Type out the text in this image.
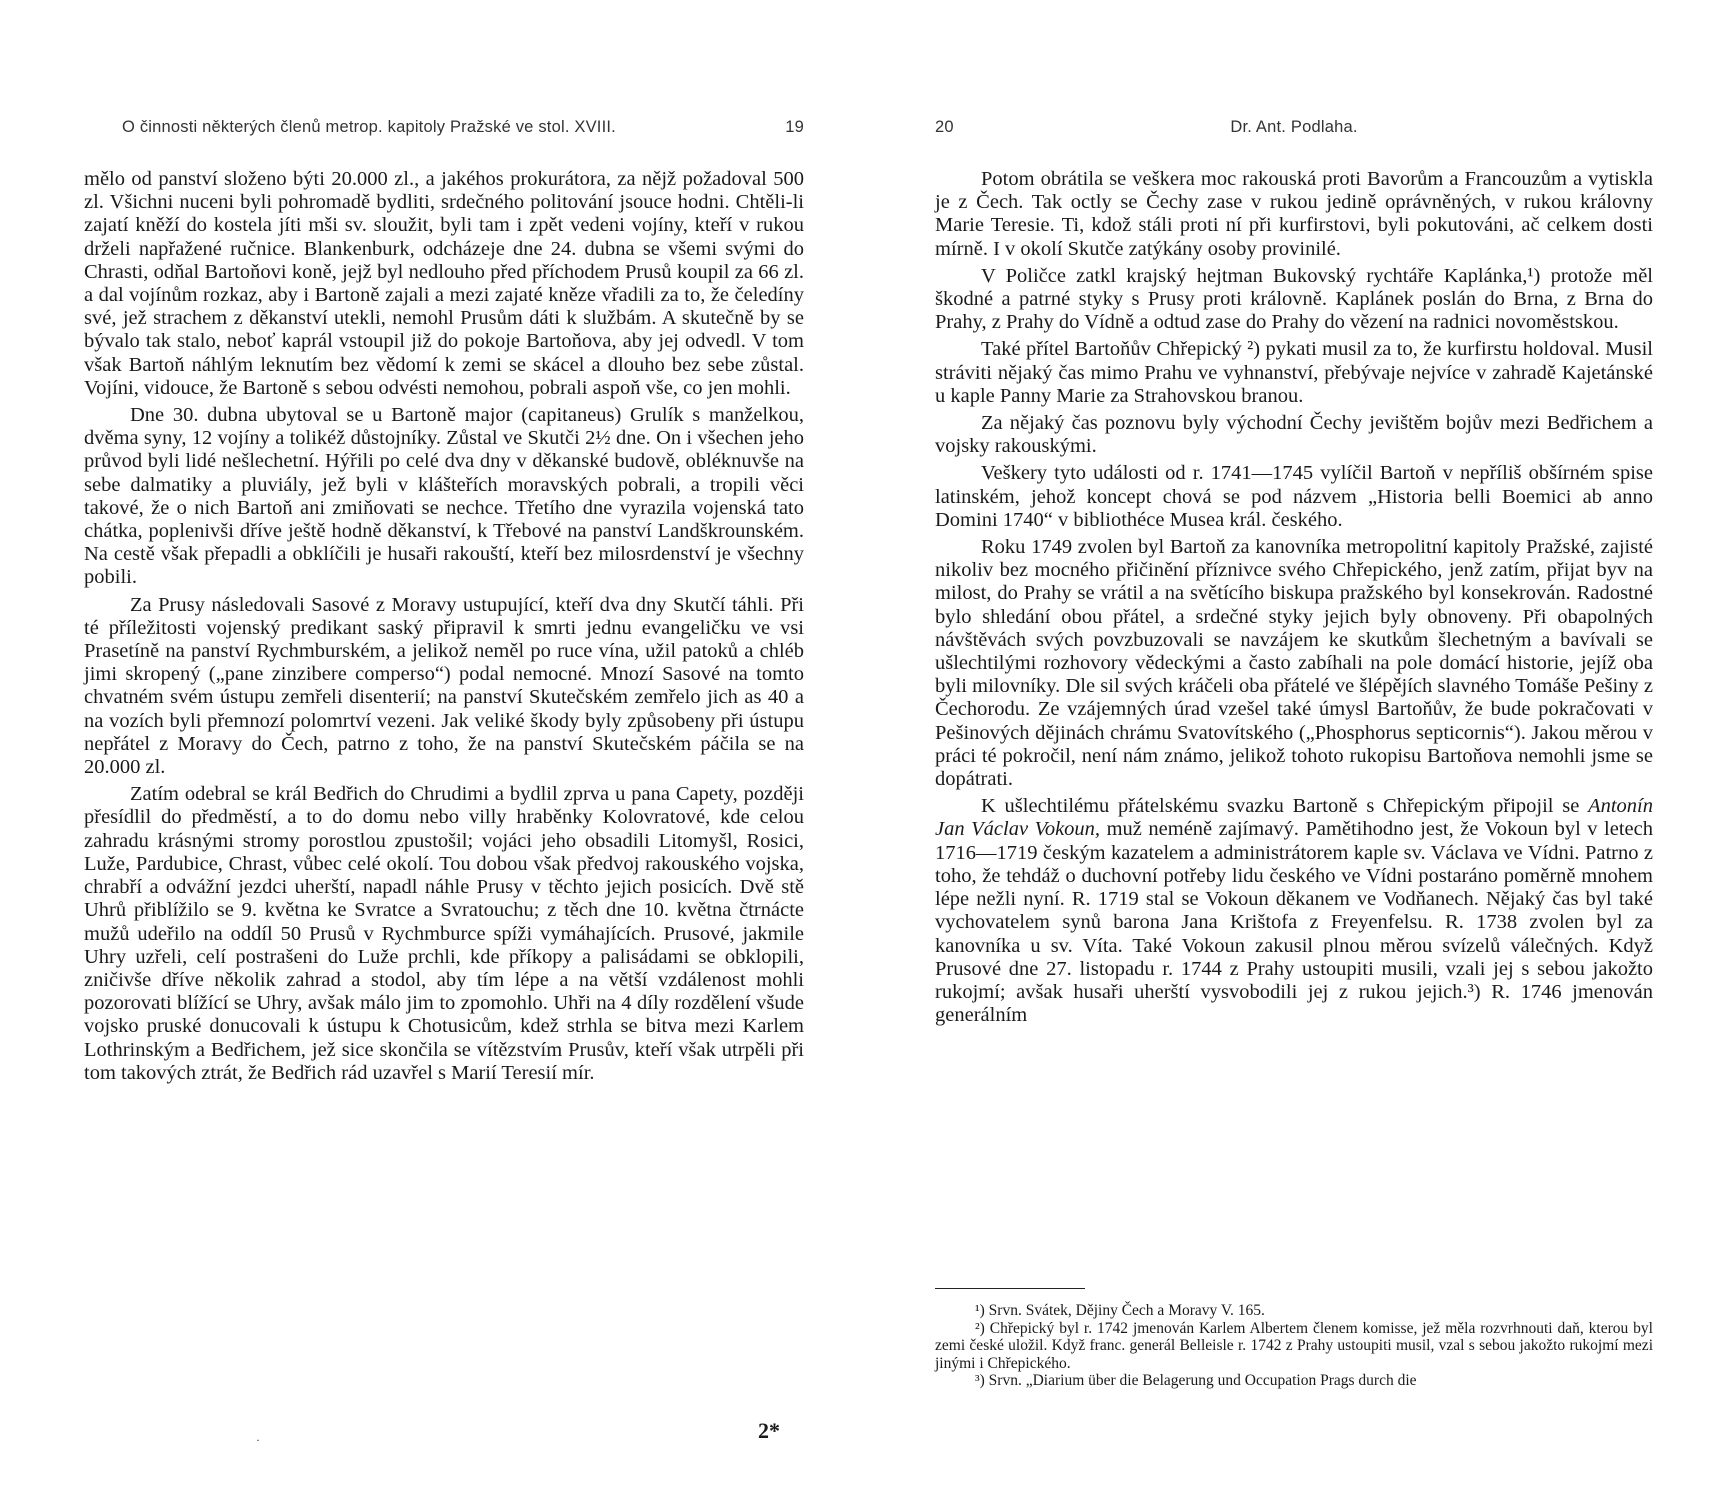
O činnosti některých členů metrop. kapitoly Pražské ve stol. XVIII.	19

mělo od panství složeno býti 20.000 zl., a jakéhos prokurátora, za nějž požadoval 500 zl. Všichni nuceni byli pohromadě bydliti, srdečného politování jsouce hodni. Chtěli-li zajatí kněží do kostela jíti mši sv. sloužit, byli tam i zpět vedeni vojíny, kteří v rukou drželi napřažené ručnice. Blankenburk, odcházeje dne 24. dubna se všemi svými do Chrasti, odňal Bartoňovi koně, jejž byl nedlouho před příchodem Prusů koupil za 66 zl. a dal vojínům rozkaz, aby i Bartoně zajali a mezi zajaté kněze vřadili za to, že čeledíny své, jež strachem z děkanství utekli, nemohl Prusům dáti k službám. A skutečně by se bývalo tak stalo, neboť kaprál vstoupil již do pokoje Bartoňova, aby jej odvedl. V tom však Bartoň náhlým leknutím bez vědomí k zemi se skácel a dlouho bez sebe zůstal. Vojíni, vidouce, že Bartoně s sebou odvésti nemohou, pobrali aspoň vše, co jen mohli.

Dne 30. dubna ubytoval se u Bartoně major (capitaneus) Grulík s manželkou, dvěma syny, 12 vojíny a tolikéž důstojníky. Zůstal ve Skutči 2½ dne. On i všechen jeho průvod byli lidé nešlechetní. Hýřili po celé dva dny v děkanské budově, obléknuvše na sebe dalmatiky a pluviály, jež byli v klášteřích moravských pobrali, a tropili věci takové, že o nich Bartoň ani zmiňovati se nechce. Třetího dne vyrazila vojenská tato chátka, poplenivši dříve ještě hodně děkanství, k Třebové na panství Landškrounském. Na cestě však přepadli a obklíčili je husaři rakouští, kteří bez milosrdenství je všechny pobili.

Za Prusy následovali Sasové z Moravy ustupující, kteří dva dny Skutčí táhli. Při té příležitosti vojenský predikant saský připravil k smrti jednu evangeličku ve vsi Prasetíně na panství Rychmburském, a jelikož neměl po ruce vína, užil patoků a chléb jimi skropený („pane zinzibere comperso“) podal nemocné. Mnozí Sasové na tomto chvatném svém ústupu zemřeli disenterií; na panství Skutečském zemřelo jich as 40 a na vozích byli přemnozí polomrtví vezeni. Jak veliké škody byly způsobeny při ústupu nepřátel z Moravy do Čech, patrno z toho, že na panství Skutečském páčila se na 20.000 zl.

Zatím odebral se král Bedřich do Chrudimi a bydlil zprva u pana Capety, později přesídlil do předměstí, a to do domu nebo villy hraběnky Kolovratové, kde celou zahradu krásnými stromy porostlou zpustošil; vojáci jeho obsadili Litomyšl, Rosici, Luže, Pardubice, Chrast, vůbec celé okolí. Tou dobou však předvoj rakouského vojska, chrabří a odvážní jezdci uherští, napadl náhle Prusy v těchto jejich posicích. Dvě stě Uhrů přiblížilo se 9. května ke Svratce a Svratouchu; z těch dne 10. května čtrnácte mužů udeřilo na oddíl 50 Prusů v Rychmburce spíži vymáhajících. Prusové, jakmile Uhry uzřeli, celí postrašeni do Luže prchli, kde příkopy a palisádami se obklopili, zničivše dříve několik zahrad a stodol, aby tím lépe a na větší vzdálenost mohli pozorovati blížící se Uhry, avšak málo jim to zpomohlo. Uhři na 4 díly rozdělení všude vojsko pruské donucovali k ústupu k Chotusicům, kdež strhla se bitva mezi Karlem Lothrinským a Bedřichem, jež sice skončila se vítězstvím Prusův, kteří však utrpěli při tom takových ztrát, že Bedřich rád uzavřel s Marií Teresií mír.

2*
·
20	Dr. Ant. Podlaha.

Potom obrátila se veškera moc rakouská proti Bavorům a Francouzům a vytiskla je z Čech. Tak octly se Čechy zase v rukou jedině oprávněných, v rukou královny Marie Teresie. Ti, kdož stáli proti ní při kurfirstovi, byli pokutováni, ač celkem dosti mírně. I v okolí Skutče zatýkány osoby provinilé.

V Poličce zatkl krajský hejtman Bukovský rychtáře Kaplánka,¹) protože měl škodné a patrné styky s Prusy proti královně. Kaplánek poslán do Brna, z Brna do Prahy, z Prahy do Vídně a odtud zase do Prahy do vězení na radnici novoměstskou.

Také přítel Bartoňův Chřepický ²) pykati musil za to, že kurfirstu holdoval. Musil stráviti nějaký čas mimo Prahu ve vyhnanství, přebývaje nejvíce v zahradě Kajetánské u kaple Panny Marie za Strahovskou branou.

Za nějaký čas poznovu byly východní Čechy jevištěm bojův mezi Bedřichem a vojsky rakouskými.

Veškery tyto události od r. 1741—1745 vylíčil Bartoň v nepříliš obšírném spise latinském, jehož koncept chová se pod názvem „Historia belli Boemici ab anno Domini 1740“ v bibliothéce Musea král. českého.

Roku 1749 zvolen byl Bartoň za kanovníka metropolitní kapitoly Pražské, zajisté nikoliv bez mocného přičinění příznivce svého Chřepického, jenž zatím, přijat byv na milost, do Prahy se vrátil a na světícího biskupa pražského byl konsekrován. Radostné bylo shledání obou přátel, a srdečné styky jejich byly obnoveny. Při obapolných návštěvách svých povzbuzovali se navzájem ke skutkům šlechetným a bavívali se ušlechtilými rozhovory vědeckými a často zabíhali na pole domácí historie, jejíž oba byli milovníky. Dle sil svých kráčeli oba přátelé ve šlépějích slavného Tomáše Pešiny z Čechorodu. Ze vzájemných úrad vzešel také úmysl Bartoňův, že bude pokračovati v Pešinových dějinách chrámu Svatovítského („Phosphorus septicornis“). Jakou měrou v práci té pokročil, není nám známo, jelikož tohoto rukopisu Bartoňova nemohli jsme se dopátrati.

K ušlechtilému přátelskému svazku Bartoně s Chřepickým připojil se Antonín Jan Václav Vokoun, muž neméně zajímavý. Pamětihodno jest, že Vokoun byl v letech 1716—1719 českým kazatelem a administrátorem kaple sv. Václava ve Vídni. Patrno z toho, že tehdáž o duchovní potřeby lidu českého ve Vídni postaráno poměrně mnohem lépe nežli nyní. R. 1719 stal se Vokoun děkanem ve Vodňanech. Nějaký čas byl také vychovatelem synů barona Jana Krištofa z Freyenfelsu. R. 1738 zvolen byl za kanovníka u sv. Víta. Také Vokoun zakusil plnou měrou svízelů válečných. Když Prusové dne 27. listopadu r. 1744 z Prahy ustoupiti musili, vzali jej s sebou jakožto rukojmí; avšak husaři uherští vysvobodili jej z rukou jejich.³) R. 1746 jmenován generálním

¹) Srvn. Svátek, Dějiny Čech a Moravy V. 165.

²) Chřepický byl r. 1742 jmenován Karlem Albertem členem komisse, jež měla rozvrhnouti daň, kterou byl zemi české uložil. Když franc. generál Belleisle r. 1742 z Prahy ustoupiti musil, vzal s sebou jakožto rukojmí mezi jinými i Chřepického.

³) Srvn. „Diarium über die Belagerung und Occupation Prags durch die
